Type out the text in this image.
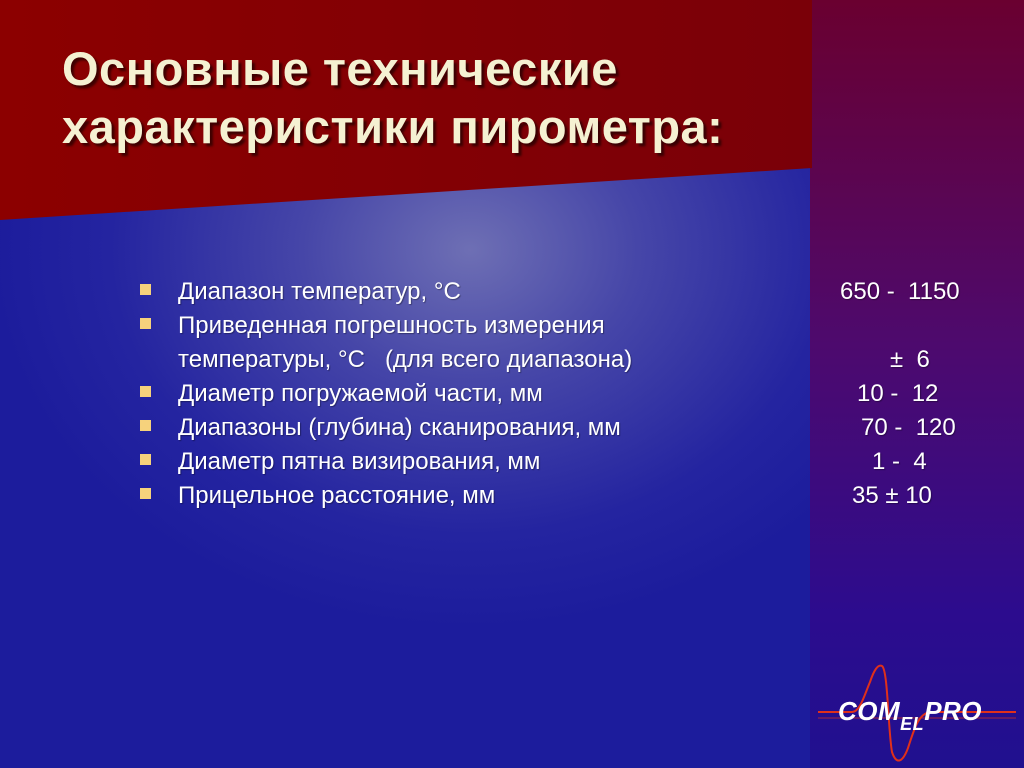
Основные технические
характеристики пирометра:
Диапазон температур, °С	650 -  1150
Приведенная погрешность измерения
температуры, °С   (для всего диапазона)	±  6
Диаметр погружаемой части, мм	10 -  12
Диапазоны (глубина) сканирования, мм	70 -  120
Диаметр пятна визирования, мм	1 -  4
Прицельное расстояние, мм	35 ± 10
$COM_{EL}PRO$
